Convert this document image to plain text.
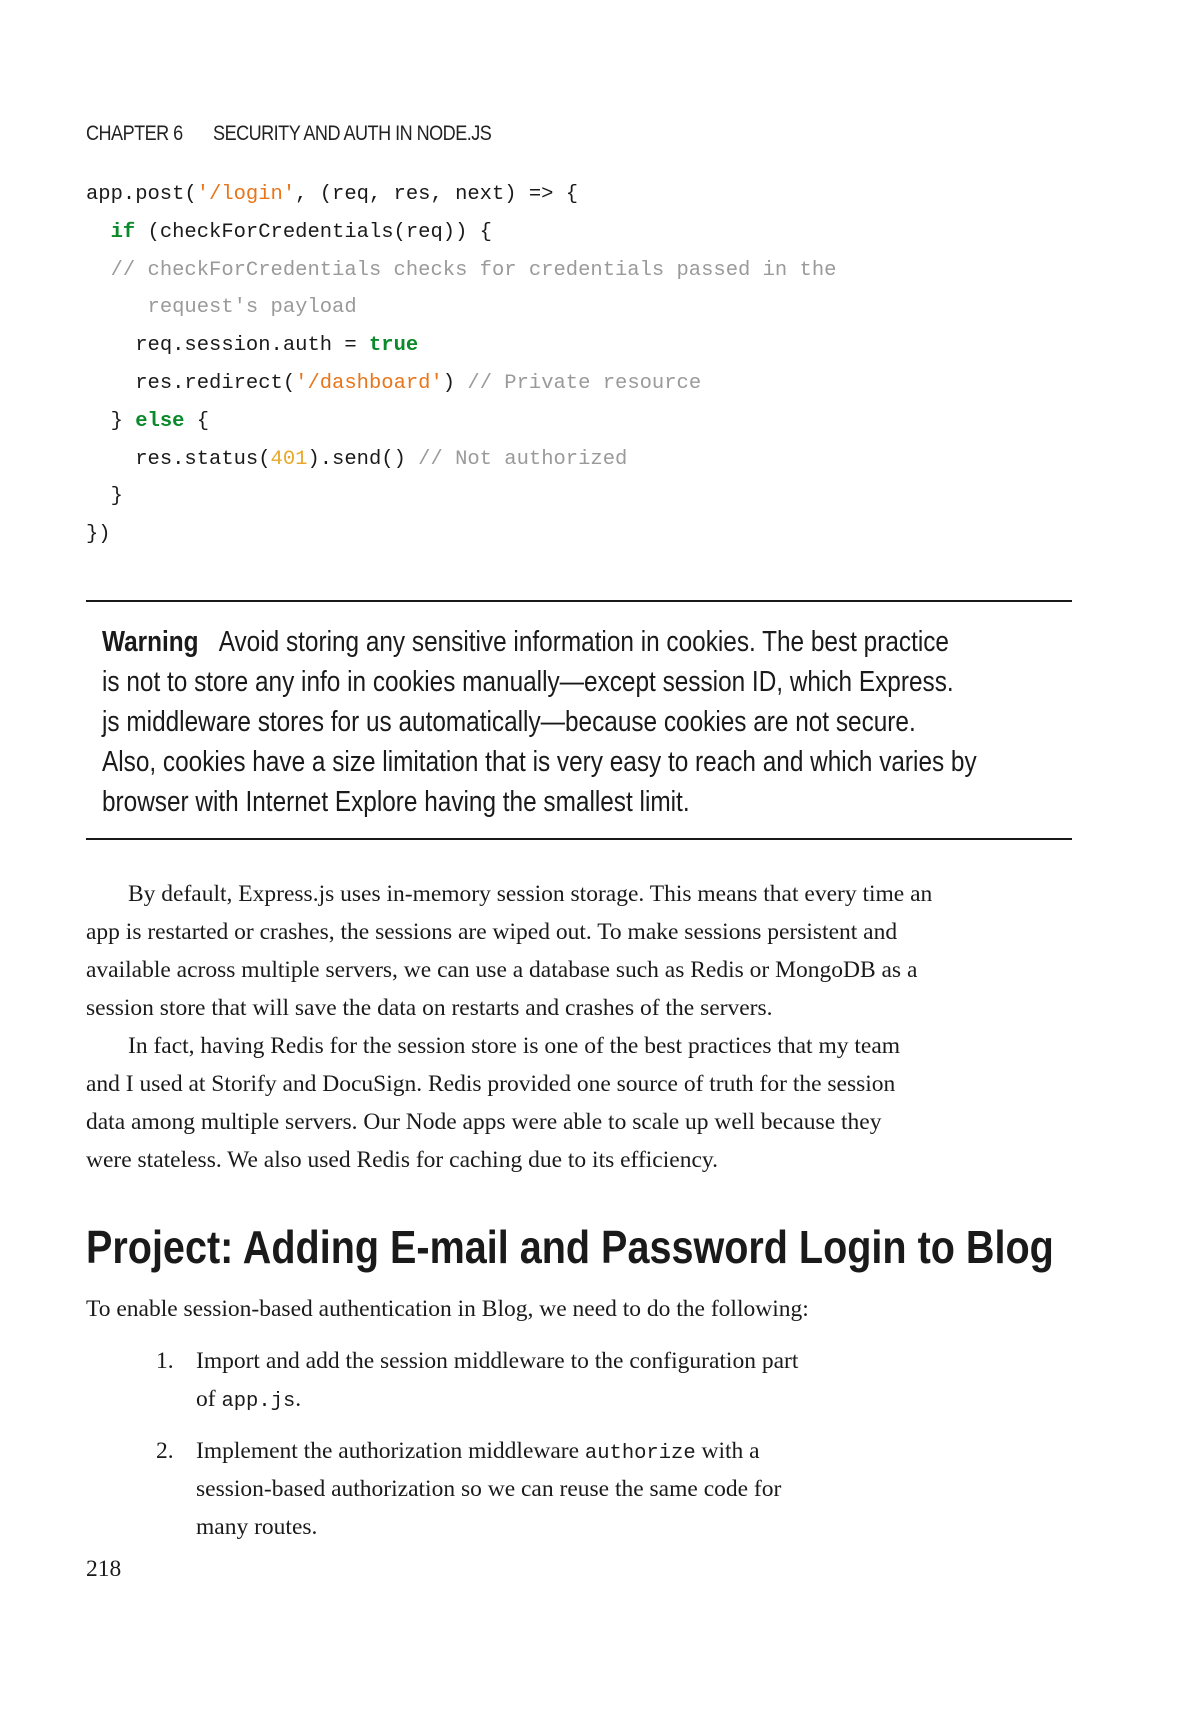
CHAPTER 6 SECURITY AND AUTH IN NODE.JS
app.post('/login', (req, res, next) => {
if (checkForCredentials(req)) {
// checkForCredentials checks for credentials passed in the
request's payload
req.session.auth = true
res.redirect('/dashboard') // Private resource
} else {
res.status(401).send() // Not authorized
}
})
Warning Avoid storing any sensitive information in cookies. The best practice
is not to store any info in cookies manually—except session ID, which Express.
js middleware stores for us automatically—because cookies are not secure.
Also, cookies have a size limitation that is very easy to reach and which varies by
browser with Internet Explore having the smallest limit.
By default, Express.js uses in-memory session storage. This means that every time an
app is restarted or crashes, the sessions are wiped out. To make sessions persistent and
available across multiple servers, we can use a database such as Redis or MongoDB as a
session store that will save the data on restarts and crashes of the servers.
In fact, having Redis for the session store is one of the best practices that my team
and I used at Storify and DocuSign. Redis provided one source of truth for the session
data among multiple servers. Our Node apps were able to scale up well because they
were stateless. We also used Redis for caching due to its efficiency.
Project: Adding E-mail and Password Login to Blog
To enable session-based authentication in Blog, we need to do the following:
1. Import and add the session middleware to the configuration part
of app.js.
2. Implement the authorization middleware authorize with a
session-based authorization so we can reuse the same code for
many routes.
218
